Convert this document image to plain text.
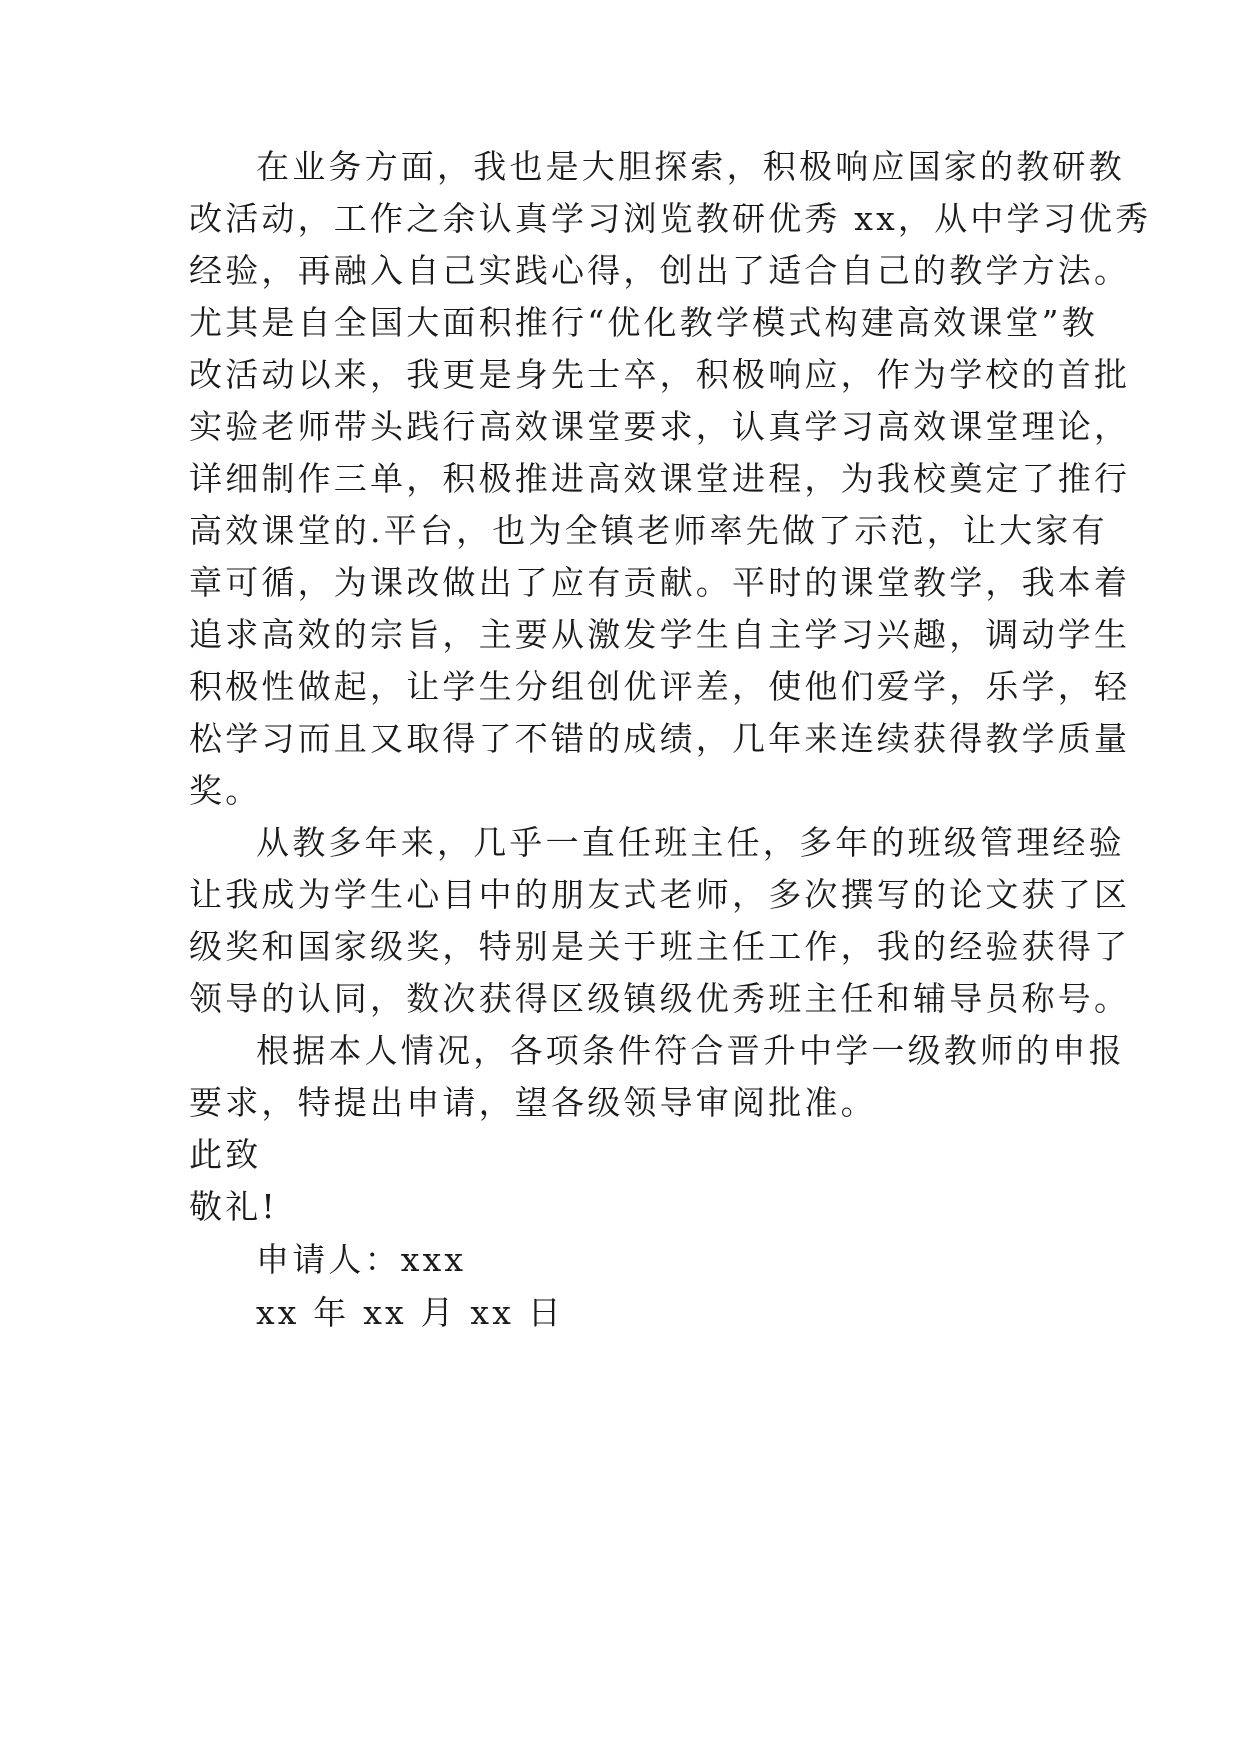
在业务方面，我也是大胆探索，积极响应国家的教研教
改活动，工作之余认真学习浏览教研优秀 xx，从中学习优秀
经验，再融入自己实践心得，创出了适合自己的教学方法。
尤其是自全国大面积推行“优化教学模式构建高效课堂”教
改活动以来，我更是身先士卒，积极响应，作为学校的首批
实验老师带头践行高效课堂要求，认真学习高效课堂理论，
详细制作三单，积极推进高效课堂进程，为我校奠定了推行
高效课堂的.平台，也为全镇老师率先做了示范，让大家有
章可循，为课改做出了应有贡献。平时的课堂教学，我本着
追求高效的宗旨，主要从激发学生自主学习兴趣，调动学生
积极性做起，让学生分组创优评差，使他们爱学，乐学，轻
松学习而且又取得了不错的成绩，几年来连续获得教学质量
奖。
从教多年来，几乎一直任班主任，多年的班级管理经验
让我成为学生心目中的朋友式老师，多次撰写的论文获了区
级奖和国家级奖，特别是关于班主任工作，我的经验获得了
领导的认同，数次获得区级镇级优秀班主任和辅导员称号。
根据本人情况，各项条件符合晋升中学一级教师的申报
要求，特提出申请，望各级领导审阅批准。
此致
敬礼!
申请人：xxx
xx 年 xx 月 xx 日
